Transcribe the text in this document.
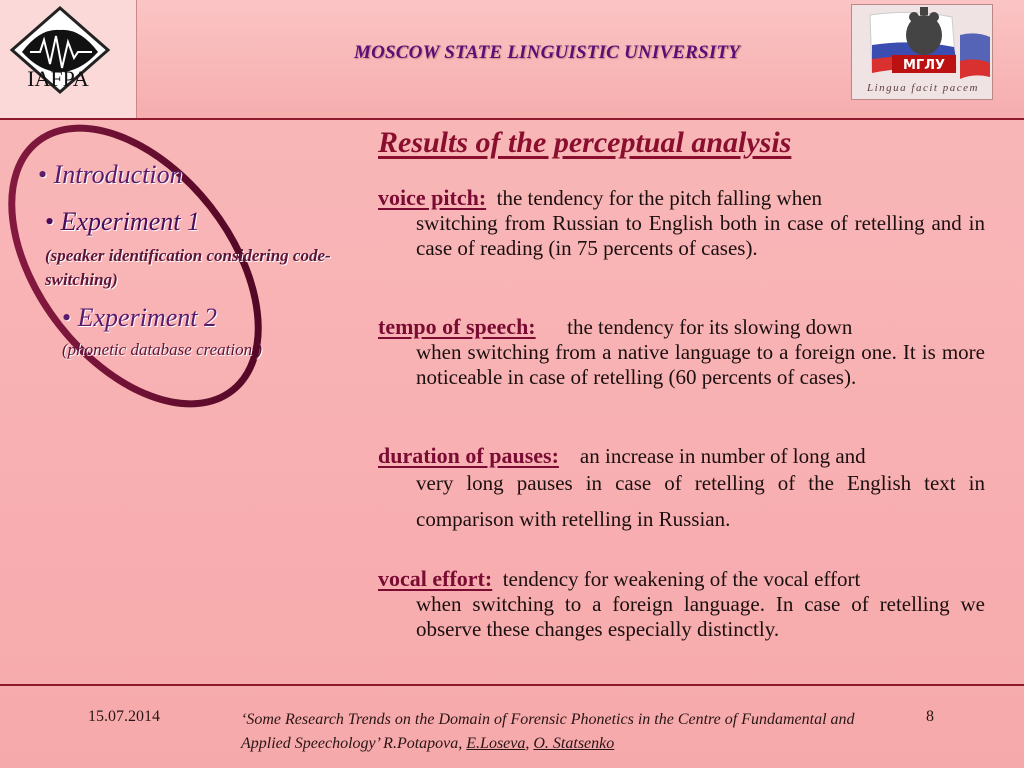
IAFPA
MOSCOW STATE LINGUISTIC UNIVERSITY
МГЛУ
Lingua facit pacem
• Introduction
• Experiment 1
(speaker identification considering code-switching)
• Experiment 2
(phonetic database creation )
Results of the perceptual analysis
voice pitch: the tendency for the pitch falling when
switching from Russian to English both in case of retelling and in case of reading (in 75 percents of cases).
tempo of speech: the tendency for its slowing down
when switching from a native language to a foreign one. It is more noticeable in case of retelling (60 percents of cases).
duration of pauses: an increase in number of long and
very long pauses in case of retelling of the English text in comparison with retelling in Russian.
vocal effort: tendency for weakening of the vocal effort
when switching to a foreign language. In case of retelling we observe these changes especially distinctly.
15.07.2014	‘Some Research Trends on the Domain of Forensic Phonetics in the Centre of Fundamental and Applied Speechology’ R.Potapova, E.Loseva, O. Statsenko
8
